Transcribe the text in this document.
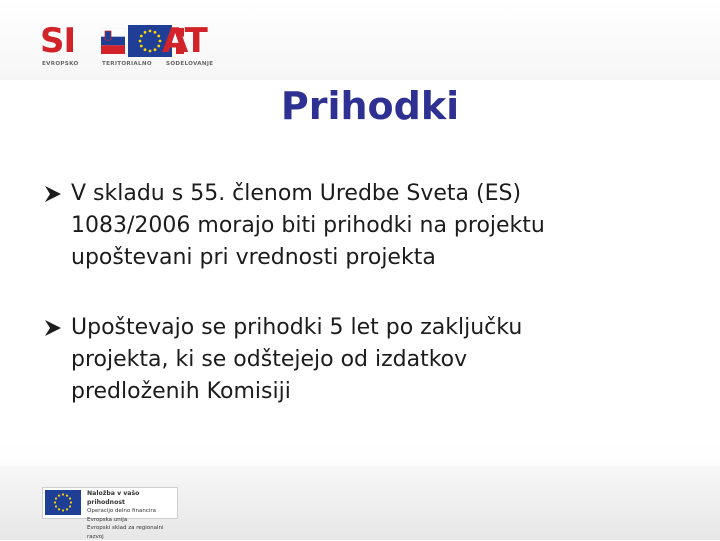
SI	AT
EVROPSKO	TERITORIALNO	SODELOVANJE
Prihodki
V skladu s 55. členom Uredbe Sveta (ES)
1083/2006 morajo biti prihodki na projektu
upoštevani pri vrednosti projekta
Upoštevajo se prihodki 5 let po zaključku
projekta, ki se odštejejo od izdatkov
predloženih Komisiji
Naložba v vašo prihodnost
Operacijo delno financira Evropska unija
Evropski sklad za regionalni razvoj
